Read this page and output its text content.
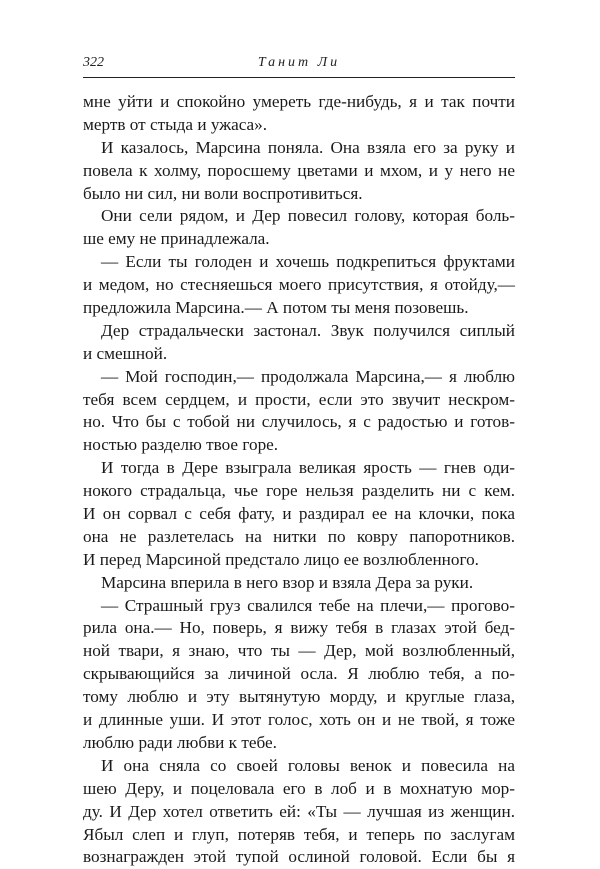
322	Танит Ли
мне уйти и спокойно умереть где-нибудь, я и так почти
мертв от стыда и ужаса».
И казалось, Марсина поняла. Она взяла его за руку и
повела к холму, поросшему цветами и мхом, и у него не
было ни сил, ни воли воспротивиться.
Они сели рядом, и Дер повесил голову, которая боль-
ше ему не принадлежала.
— Если ты голоден и хочешь подкрепиться фруктами
и медом, но стесняешься моего присутствия, я отойду,—
предложила Марсина.— А потом ты меня позовешь.
Дер страдальчески застонал. Звук получился сиплый
и смешной.
— Мой господин,— продолжала Марсина,— я люблю
тебя всем сердцем, и прости, если это звучит нескром-
но. Что бы с тобой ни случилось, я с радостью и готов-
ностью разделю твое горе.
И тогда в Дере взыграла великая ярость — гнев оди-
нокого страдальца, чье горе нельзя разделить ни с кем.
И он сорвал с себя фату, и раздирал ее на клочки, пока
она не разлетелась на нитки по ковру папоротников.
И перед Марсиной предстало лицо ее возлюбленного.
Марсина вперила в него взор и взяла Дера за руки.
— Страшный груз свалился тебе на плечи,— прогово-
рила она.— Но, поверь, я вижу тебя в глазах этой бед-
ной твари, я знаю, что ты — Дер, мой возлюбленный,
скрывающийся за личиной осла. Я люблю тебя, а по-
тому люблю и эту вытянутую морду, и круглые глаза,
и длинные уши. И этот голос, хоть он и не твой, я тоже
люблю ради любви к тебе.
И она сняла со своей головы венок и повесила на
шею Деру, и поцеловала его в лоб и в мохнатую мор-
ду. И Дер хотел ответить ей: «Ты — лучшая из женщин.
Ябыл слеп и глуп, потеряв тебя, и теперь по заслугам
вознагражден этой тупой ослиной головой. Если бы я
